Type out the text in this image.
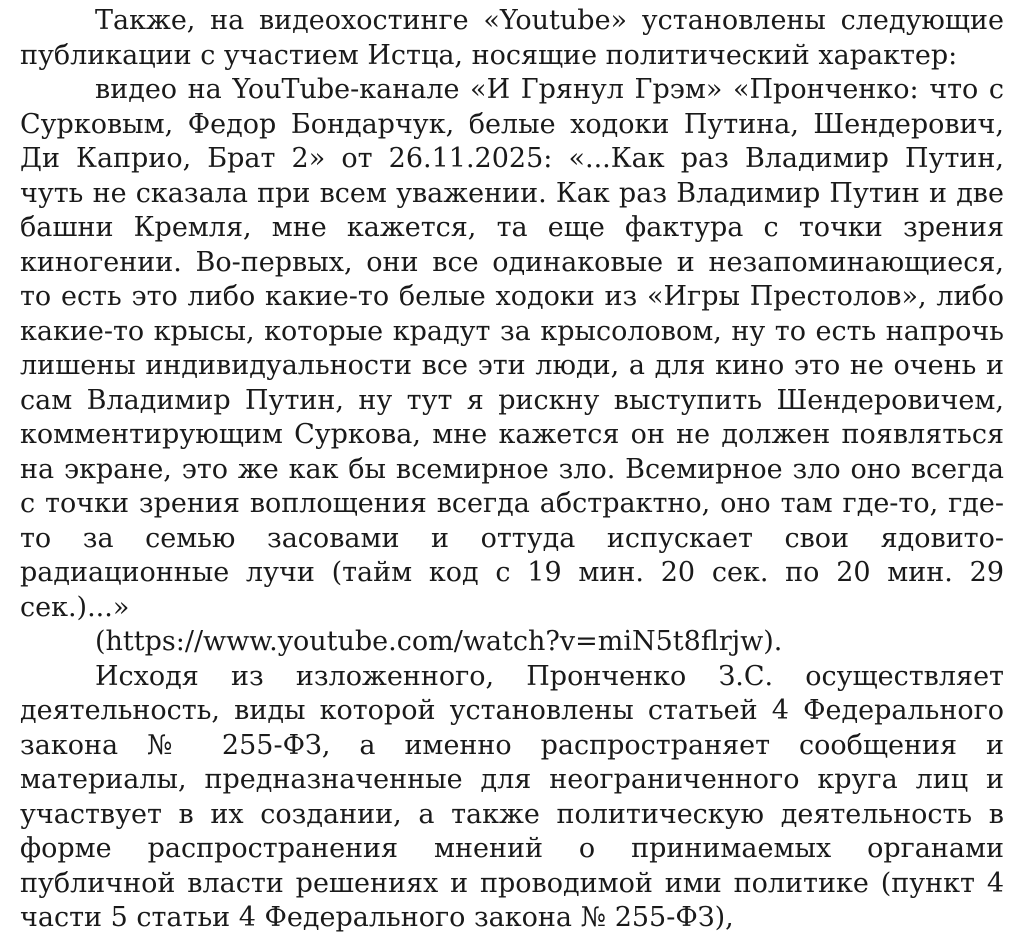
Также, на видеохостинге «Youtube» установлены следующие публикации с участием Истца, носящие политический характер:

видео на YouTube-канале «И Грянул Грэм» «Пронченко: что с Сурковым, Федор Бондарчук, белые ходоки Путина, Шендерович, Ди Каприо, Брат 2» от 26.11.2025: «...Как раз Владимир Путин, чуть не сказала при всем уважении. Как раз Владимир Путин и две башни Кремля, мне кажется, та еще фактура с точки зрения киногении. Во-первых, они все одинаковые и незапоминающиеся, то есть это либо какие-то белые ходоки из «Игры Престолов», либо какие-то крысы, которые крадут за крысоловом, ну то есть напрочь лишены индивидуальности все эти люди, а для кино это не очень и сам Владимир Путин, ну тут я рискну выступить Шендеровичем, комментирующим Суркова, мне кажется он не должен появляться на экране, это же как бы всемирное зло. Всемирное зло оно всегда с точки зрения воплощения всегда абстрактно, оно там где-то, где-то за семью засовами и оттуда испускает свои ядовито-радиационные лучи (тайм код с 19 мин. 20 сек. по 20 мин. 29 сек.)...»

(https://www.youtube.com/watch?v=miN5t8flrjw).

Исходя из изложенного, Пронченко З.С. осуществляет деятельность, виды которой установлены статьей 4 Федерального закона № 255-ФЗ, а именно распространяет сообщения и материалы, предназначенные для неограниченного круга лиц и участвует в их создании, а также политическую деятельность в форме распространения мнений о принимаемых органами публичной власти решениях и проводимой ими политике (пункт 4 части 5 статьи 4 Федерального закона № 255-ФЗ),
